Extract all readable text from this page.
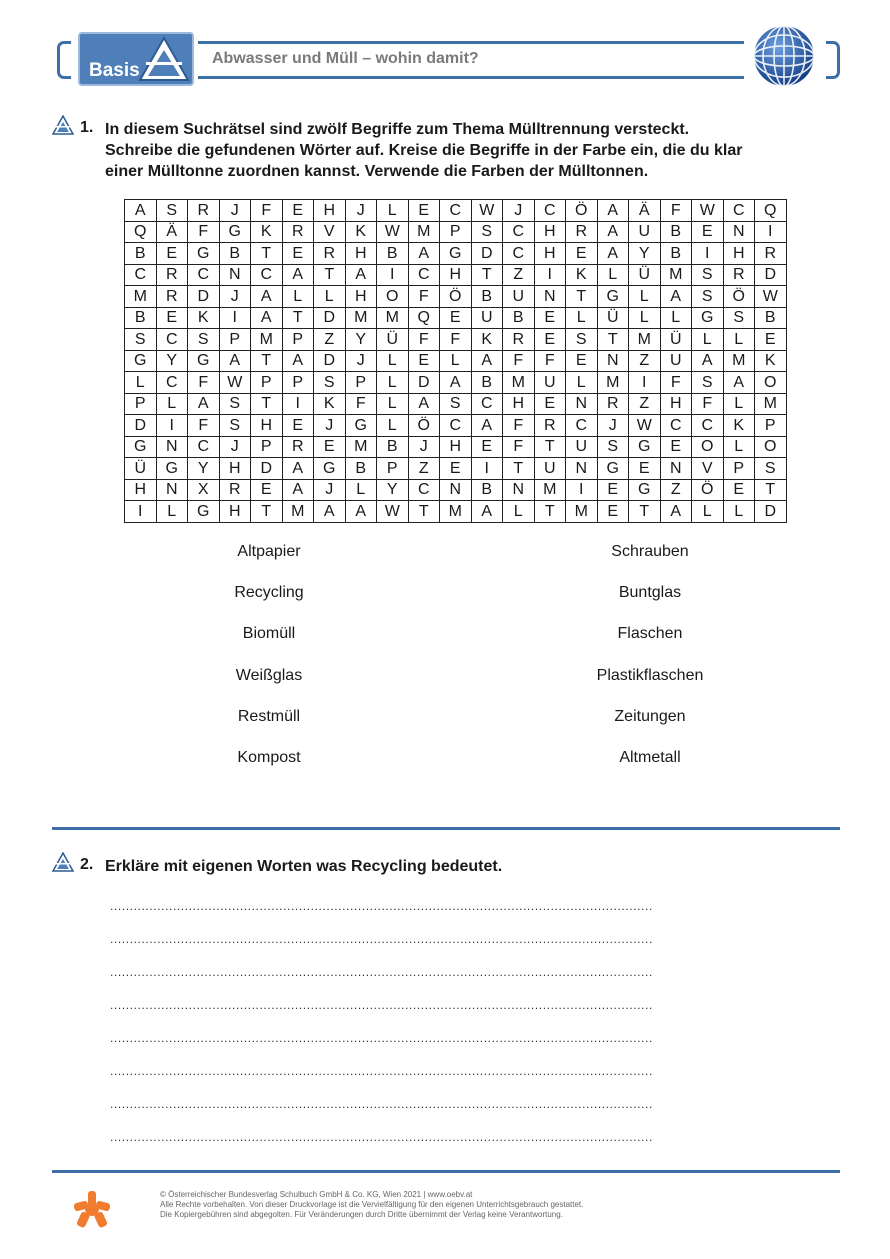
Basis
Abwasser und Müll – wohin damit?
1. In diesem Suchrätsel sind zwölf Begriffe zum Thema Mülltrennung versteckt.
Schreibe die gefundenen Wörter auf. Kreise die Begriffe in der Farbe ein, die du klar
einer Mülltonne zuordnen kannst. Verwende die Farben der Mülltonnen.
A	S	R	J	F	E	H	J	L	E	C	W	J	C	Ö	A	Ä	F	W	C	Q
Q	Ä	F	G	K	R	V	K	W	M	P	S	C	H	R	A	U	B	E	N	I
B	E	G	B	T	E	R	H	B	A	G	D	C	H	E	A	Y	B	I	H	R
C	R	C	N	C	A	T	A	I	C	H	T	Z	I	K	L	Ü	M	S	R	D
M	R	D	J	A	L	L	H	O	F	Ö	B	U	N	T	G	L	A	S	Ö	W
B	E	K	I	A	T	D	M	M	Q	E	U	B	E	L	Ü	L	L	G	S	B
S	C	S	P	M	P	Z	Y	Ü	F	F	K	R	E	S	T	M	Ü	L	L	E
G	Y	G	A	T	A	D	J	L	E	L	A	F	F	E	N	Z	U	A	M	K
L	C	F	W	P	P	S	P	L	D	A	B	M	U	L	M	I	F	S	A	O
P	L	A	S	T	I	K	F	L	A	S	C	H	E	N	R	Z	H	F	L	M
D	I	F	S	H	E	J	G	L	Ö	C	A	F	R	C	J	W	C	C	K	P
G	N	C	J	P	R	E	M	B	J	H	E	F	T	U	S	G	E	O	L	O
Ü	G	Y	H	D	A	G	B	P	Z	E	I	T	U	N	G	E	N	V	P	S
H	N	X	R	E	A	J	L	Y	C	N	B	N	M	I	E	G	Z	Ö	E	T
I	L	G	H	T	M	A	A	W	T	M	A	L	T	M	E	T	A	L	L	D
Altpapier
Recycling
Biomüll
Weißglas
Restmüll
Kompost
Schrauben
Buntglas
Flaschen
Plastikflaschen
Zeitungen
Altmetall
2. Erkläre mit eigenen Worten was Recycling bedeutet.
..........................................................................................................................................
..........................................................................................................................................
..........................................................................................................................................
..........................................................................................................................................
..........................................................................................................................................
..........................................................................................................................................
..........................................................................................................................................
..........................................................................................................................................
© Österreichischer Bundesverlag Schulbuch GmbH & Co. KG, Wien 2021 | www.oebv.at
Alle Rechte vorbehalten. Von dieser Druckvorlage ist die Vervielfältigung für den eigenen Unterrichtsgebrauch gestattet.
Die Kopiergebühren sind abgegolten. Für Veränderungen durch Dritte übernimmt der Verlag keine Verantwortung.
